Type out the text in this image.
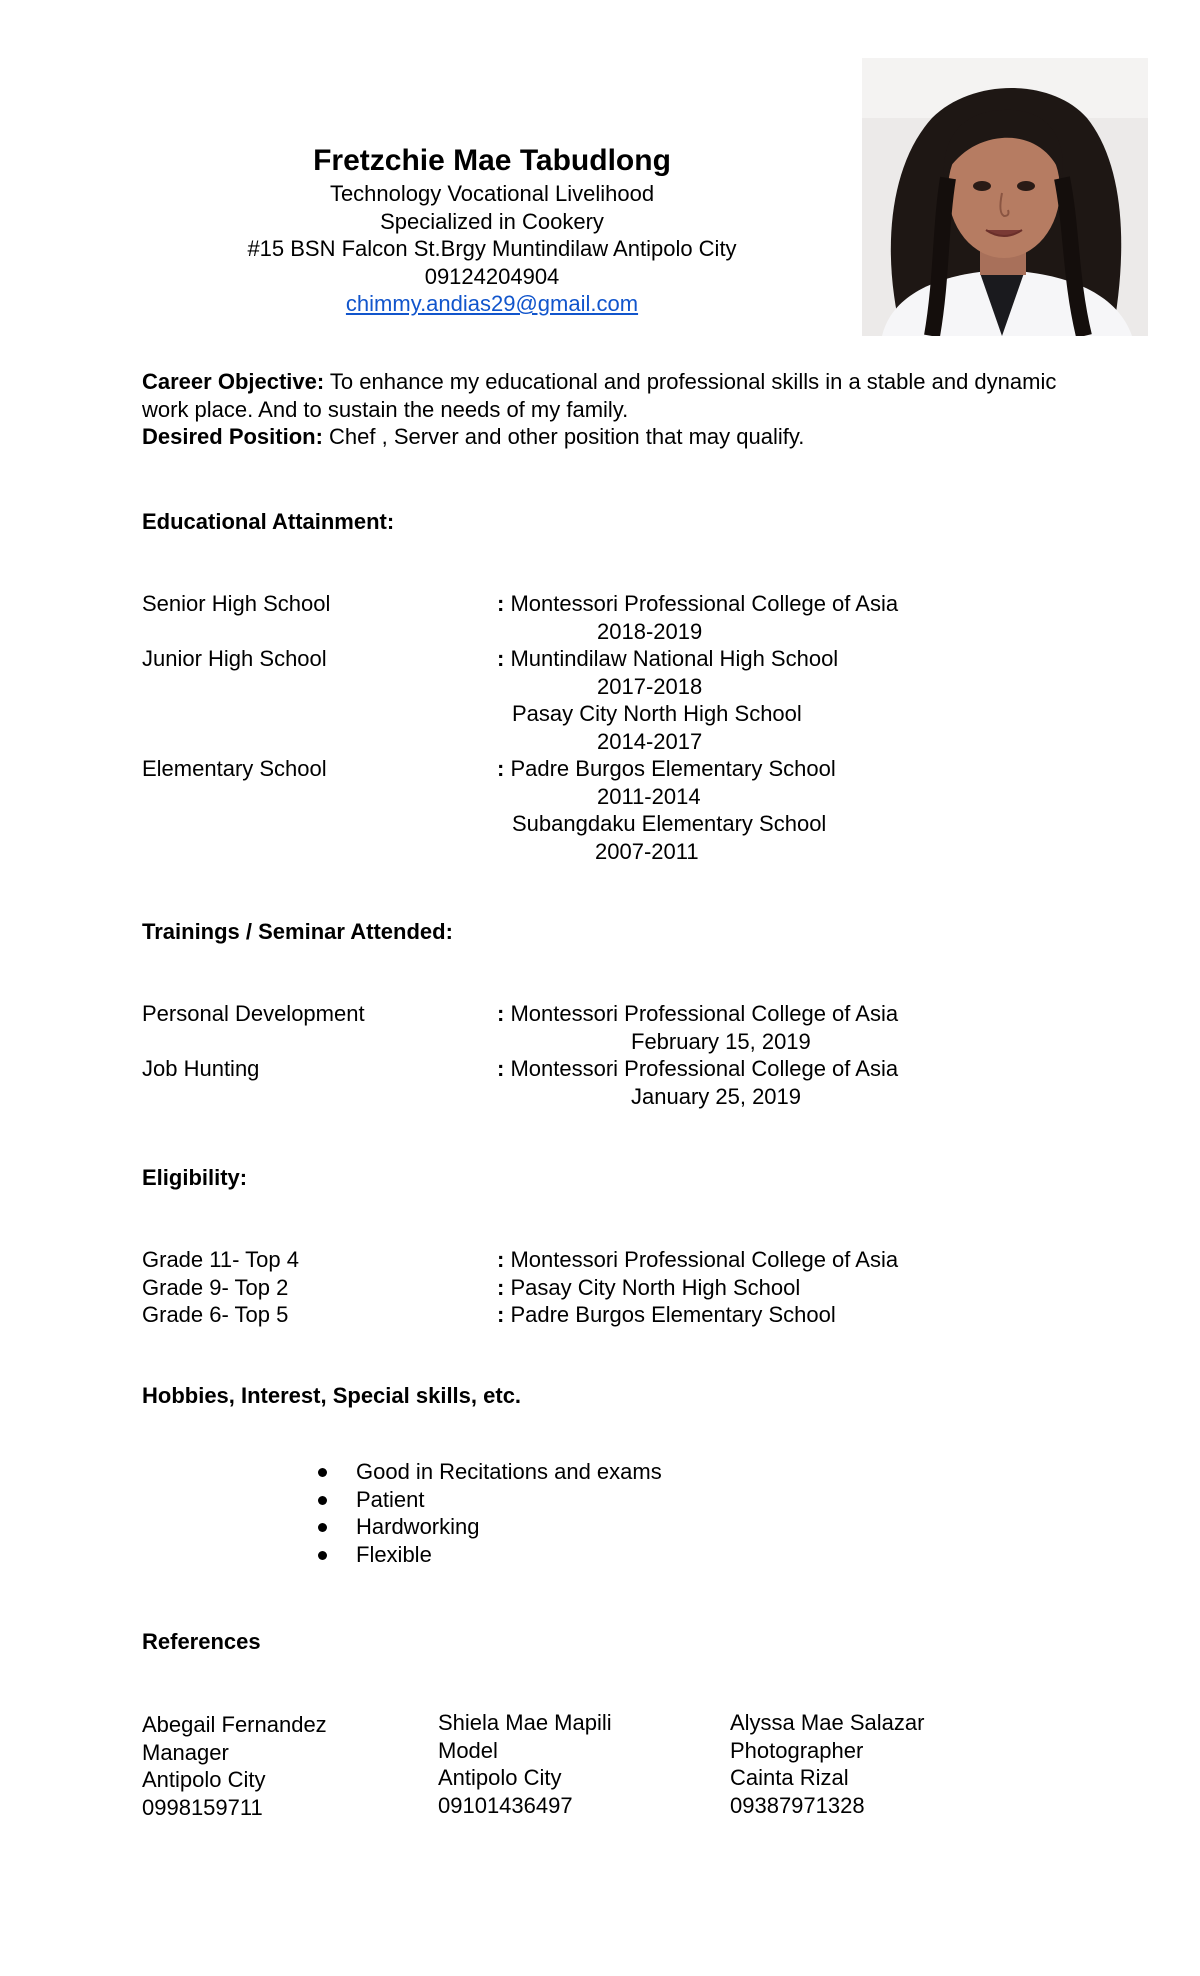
Fretzchie Mae Tabudlong
Technology Vocational Livelihood
Specialized in Cookery
#15 BSN Falcon St.Brgy Muntindilaw Antipolo City
09124204904
chimmy.andias29@gmail.com
Career Objective: To enhance my educational and professional skills in a stable and dynamic work place. And to sustain the needs of my family.
Desired Position: Chef , Server and other position that may qualify.
Educational Attainment:
Senior High School	: Montessori Professional College of Asia
2018-2019
Junior High School	: Muntindilaw National High School
2017-2018
Pasay City North High School
2014-2017
Elementary School	: Padre Burgos Elementary School
2011-2014
Subangdaku Elementary School
2007-2011
Trainings / Seminar Attended:
Personal Development	: Montessori Professional College of Asia
February 15, 2019
Job Hunting	: Montessori Professional College of Asia
January 25, 2019
Eligibility:
Grade 11- Top 4	: Montessori Professional College of Asia
Grade 9- Top 2	: Pasay City North High School
Grade 6- Top 5	: Padre Burgos Elementary School
Hobbies, Interest, Special skills, etc.
Good in Recitations and exams
Patient
Hardworking
Flexible
References
Abegail Fernandez
Manager
Antipolo City
0998159711
Shiela Mae Mapili
Model
Antipolo City
09101436497
Alyssa Mae Salazar
Photographer
Cainta Rizal
09387971328
